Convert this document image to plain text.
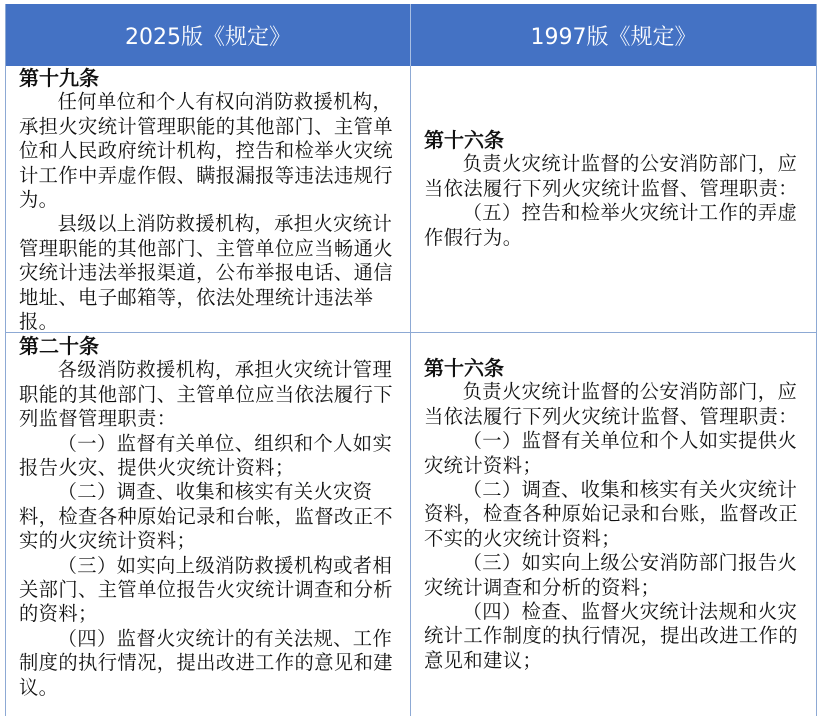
2025版《规定》	1997版《规定》

第十九条

任何单位和个人有权向消防救援机构，承担火灾统计管理职能的其他部门、主管单位和人民政府统计机构，控告和检举火灾统计工作中弄虚作假、瞒报漏报等违法违规行为。

县级以上消防救援机构，承担火灾统计管理职能的其他部门、主管单位应当畅通火灾统计违法举报渠道，公布举报电话、通信地址、电子邮箱等，依法处理统计违法举报。

第十六条

负责火灾统计监督的公安消防部门，应当依法履行下列火灾统计监督、管理职责：

（五）控告和检举火灾统计工作的弄虚作假行为。

第二十条

各级消防救援机构，承担火灾统计管理职能的其他部门、主管单位应当依法履行下列监督管理职责：

（一）监督有关单位、组织和个人如实报告火灾、提供火灾统计资料；

（二）调查、收集和核实有关火灾资料，检查各种原始记录和台帐，监督改正不实的火灾统计资料；

（三）如实向上级消防救援机构或者相关部门、主管单位报告火灾统计调查和分析的资料；

（四）监督火灾统计的有关法规、工作制度的执行情况，提出改进工作的意见和建议。

第十六条

负责火灾统计监督的公安消防部门，应当依法履行下列火灾统计监督、管理职责：

（一）监督有关单位和个人如实提供火灾统计资料；

（二）调查、收集和核实有关火灾统计资料，检查各种原始记录和台账，监督改正不实的火灾统计资料；

（三）如实向上级公安消防部门报告火灾统计调查和分析的资料；

（四）检查、监督火灾统计法规和火灾统计工作制度的执行情况，提出改进工作的意见和建议；
